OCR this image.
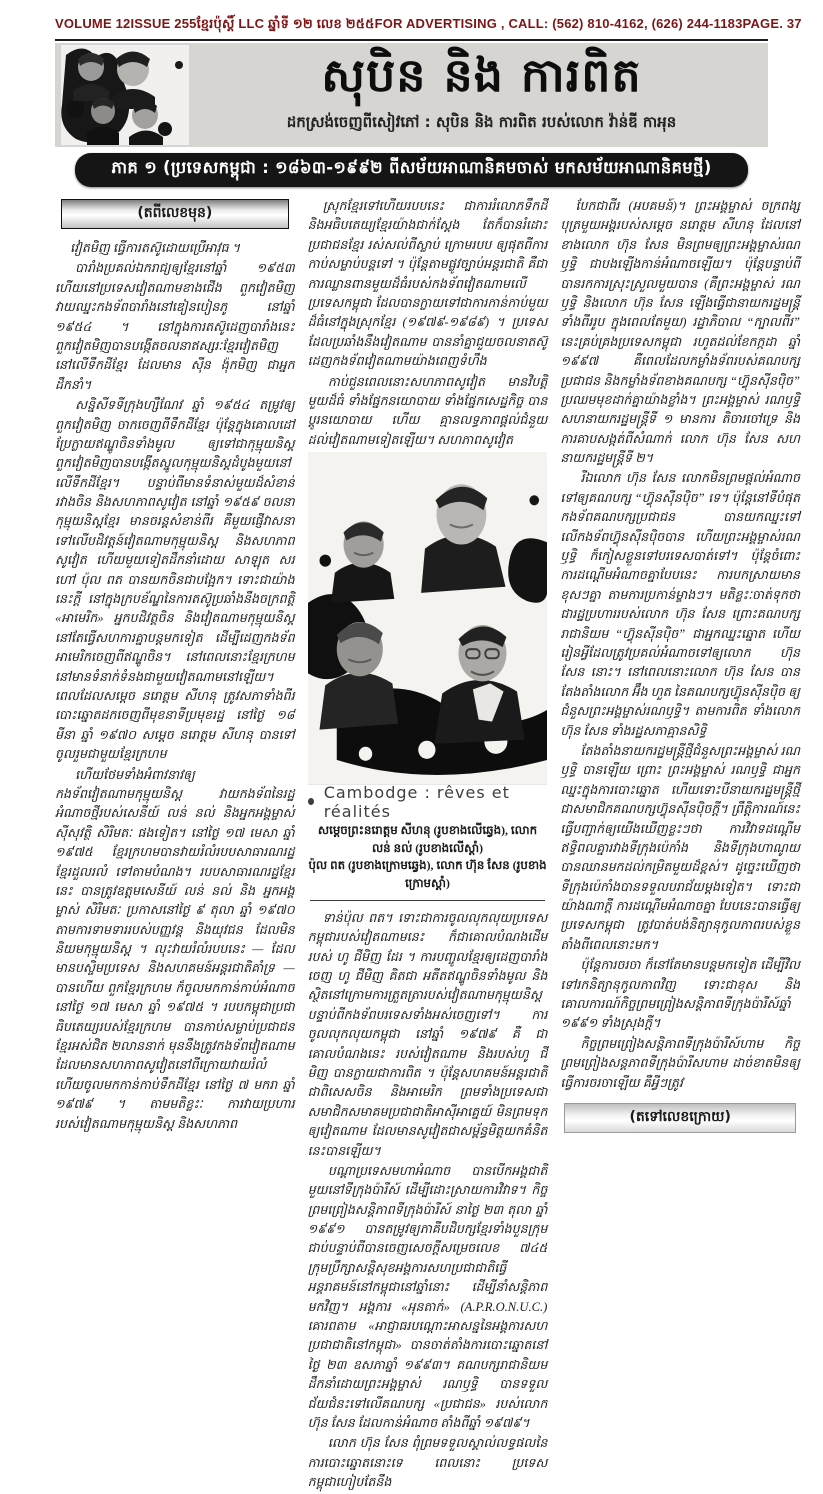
VOLUME 12 ISSUE 255 ខ្មែរប៉ុស្តិ៍ LLC ឆ្នាំទី ១២ លេខ ២៥៥ FOR ADVERTISING , CALL: (562) 810-4162, (626) 244-1183 PAGE. 37
សុបិន និង ការពិត
ដកស្រង់ចេញពីសៀវភៅ : សុបិន និង ការពិត របស់លោក វ៉ាន់ឌី កាអុន
ភាគ ១ (ប្រទេសកម្ពុជា : ១៨៦៣-១៩៩២ ពីសម័យអាណានិគមចាស់ មកសម័យអាណានិគមថ្មី)
(តពីលេខមុន)

វៀតមិញ ធ្វើការតស៊ូដោយប្រើអាវុធ ។

បារាំងប្រគល់ឯករាជ្យឲ្យខ្មែរនៅឆ្នាំ ១៩៥៣ ហើយនៅប្រទេសវៀតណាមខាងជើង ពួកវៀតមិញវាយឈ្នះកងទ័ពបារាំងនៅឌៀនបៀនភូ នៅឆ្នាំ ១៩៥៤ ។ នៅក្នុងការតស៊ូដេញបារាំងនេះ ពួកវៀតមិញបានបង្កើតចលនាឥស្សរៈខ្មែរវៀតមិញ នៅលើទឹកដីខ្មែរ ដែលមាន ស៊ីន ង៉ុកមិញ ជាអ្នកដឹកនាំ។

សន្និសីទទីក្រុងហ្សឺណែវ ឆ្នាំ ១៩៥៤ តម្រូវឲ្យពួកវៀតមិញ ចាកចេញពីទឹកដីខ្មែរ ប៉ុន្តែក្នុងគោលដៅប្រែក្លាយឥណ្ឌូចិនទាំងមូល ឲ្យទៅជាកុម្មុយនិស្ត ពួកវៀតមិញបានបង្កើតស្នូលកុម្មុយនិស្តដំបូងមួយនៅលើទឹកដីខ្មែរ។ បន្ទាប់ពីមានទំនាស់មួយដ៏សំខាន់រវាងចិន និងសហភាពសូវៀត នៅឆ្នាំ ១៩៥៩ ចលនាកុម្មុយនិស្តខ្មែរ មានចរន្តសំខាន់ពីរ គឺមួយផ្ញើវាសនាទៅលើបដិវត្តន៍វៀតណាមកុម្មុយនិស្ត និងសហភាពសូវៀត ហើយមួយទៀតដឹកនាំដោយ សាឡុត សរ ហៅ ប៉ុល ពត បានយកចិនជាបង្អែក។ ទោះជាយ៉ាងនេះក្តី នៅក្នុងក្របខ័ណ្ឌនៃការតស៊ូប្រឆាំងនឹងចក្រពត្តិ «អាមេរិក» អ្នកបដិវត្តចិន និងវៀតណាមកុម្មុយនិស្ត នៅតែធ្វើសហការគ្នាបន្តមកទៀត ដើម្បីដេញកងទ័ពអាមេរិកចេញពីឥណ្ឌូចិន។ នៅពេលនោះខ្មែរក្រហម នៅមានទំនាក់ទំនងជាមួយវៀតណាមនៅឡើយ។ ពេលដែលសម្តេច នរោត្តម សីហនុ ត្រូវសភាទាំងពីរបោះឆ្នោតដកចេញពីមុខនាទីប្រមុខរដ្ឋ នៅថ្ងៃ ១៨ មីនា ឆ្នាំ ១៩៧០ សម្តេច នរោត្តម សីហនុ បានទៅចូលរួមជាមួយខ្មែរក្រហម

ហើយថែមទាំងអំពាវនាវឲ្យកងទ័ពវៀតណាមកុម្មុយនិស្ត វាយកងទ័ពនៃរដ្ឋអំណាចថ្មីរបស់សេនីយ៍ លន់ នល់ និងអ្នកអង្គម្ចាស់ ស៊ីសុវត្ថិ សិរិមតៈ ផងទៀត។ នៅថ្ងៃ ១៧ មេសា ឆ្នាំ ១៩៧៥ ខ្មែរក្រហមបានវាយរំលំរបបសាធារណរដ្ឋខ្មែរដួលរលំ ទៅតាមបំណង។ របបសាធារណរដ្ឋខ្មែរនេះ បានត្រូវឧត្តមសេនីយ៍ លន់ នល់ និង អ្នកអង្គម្ចាស់ សិរិមតៈ ប្រកាសនៅថ្ងៃ ៩ តុលា ឆ្នាំ ១៩៧០ តាមការទាមទាររបស់បញ្ញវន្ត និងយុវជន ដែលមិននិយមកុម្មុយនិស្ត ។ លុះវាយរំលំរបបនេះ — ដែលមានបស្ចិមប្រទេស និងសហគមន៍អន្តរជាតិគាំទ្រ — បានហើយ ពួកខ្មែរក្រហម ក៏ចូលមកកាន់កាប់អំណាចនៅថ្ងៃ ១៧ មេសា ឆ្នាំ ១៩៧៥ ។ របបកម្ពុជាប្រជាធិបតេយ្យរបស់ខ្មែរក្រហម បានកាប់សម្លាប់ប្រជាជនខ្មែរអស់ជិត ២លាននាក់ មុននឹងត្រូវកងទ័ពវៀតណាម ដែលមានសហភាពសូវៀតនៅពីក្រោយវាយរំលំ ហើយចូលមកកាន់កាប់ទឹកដីខ្មែរ នៅថ្ងៃ ៧ មករា ឆ្នាំ ១៩៧៩ ។ តាមមតិខ្លះៈ ការវាយប្រហាររបស់វៀតណាមកុម្មុយនិស្ត និងសហភាព

ស្រុកខ្មែរទៅហើយរបបនេះ ជាការរំលោភទឹកដី និងអធិបតេយ្យខ្មែរយ៉ាងជាក់ស្តែង តែក៏បានរំដោះប្រជាជនខ្មែរ រស់សល់ពីស្លាប់ ក្រោមរបប ឲ្យផុតពីការកាប់សម្លាប់បន្តទៅ ។ ប៉ុន្តែតាមផ្លូវច្បាប់អន្តរជាតិ គឺជាការឈ្លានពានមួយដ៏ធំរបស់កងទ័ពវៀតណាមលើប្រទេសកម្ពុជា ដែលបានក្លាយទៅជាការកាន់កាប់មួយ ដ៏ធំនៅក្នុងស្រុកខ្មែរ (១៩៧៩-១៩៨៩) ។ ប្រទេសដែលប្រឆាំងនឹងវៀតណាម បាននាំគ្នាជួយចលនាតស៊ូ ដេញកងទ័ពវៀតណាមយ៉ាងពេញទំហឹង

កាប់ជួនពេលនោះសហភាពសូវៀត មានវិបត្តិមួយដ៏ធំ ទាំងផ្នែកនយោបាយ ទាំងផ្នែកសេដ្ឋកិច្ច បានប្តូរនយោបាយ ហើយ គ្មានលទ្ធភាពផ្គល់ជំនួយដល់វៀតណាមទៀតឡើយ។ សហភាពសូវៀត

Cambodge : rêves et réalités
សម្តេចព្រះនរោត្តម សីហនុ (រូបខាងលើឆ្វេង), លោក លន់ នល់ (រូបខាងលើស្តាំ)
ប៉ុល ពត (រូបខាងក្រោមឆ្វេង), លោក ហ៊ុន សែន (រូបខាងក្រោមស្តាំ)

ទាន់ប៉ុល ពត។ ទោះជាការចូលលុកលុយប្រទេសកម្ពុជារបស់វៀតណាមនេះ ក៏ជាគោលបំណងដើមរបស់ ហូ ជីមិញ ដែរ ។ ការបញ្ចូលខ្មែរឲ្យដេញបារាំងចេញ ហូ ជីមិញ គិតជា អតីតឥណ្ឌូចិនទាំងមូល និងស្ថិតនៅក្រោមការត្រួតត្រារបស់វៀតណាមកុម្មុយនិស្ត បន្ទាប់ពីកងទ័ពបរទេសទាំងអស់ចេញទៅ។ ការចូលលុកលុយកម្ពុជា នៅឆ្នាំ ១៩៧៩ គឺ ជា គោលបំណងនេះ របស់វៀតណាម និងរបស់ហូ ជី មិញ បានក្លាយជាការពិត ។ ប៉ុន្តែសហគមន៍អន្តរជាតិ ជាពិសេសចិន និងអាមេរិក ព្រមទាំងប្រទេសជាសមាជិកសមាគមប្រជាជាតិអាស៊ីអាគ្នេយ៍ មិនព្រមទុកឲ្យវៀតណាម ដែលមានសូវៀតជាសម្ព័ន្ធមិត្តយកគំនិតនេះបានឡើយ។

បណ្តាប្រទេសមហាអំណាច បានបើកអង្គជាតិមួយនៅទីក្រុងប៉ារីស៍ ដើម្បីដោះស្រាយការវិវាទ។ កិច្ចព្រមព្រៀងសន្តិភាពទីក្រុងប៉ារីស៍ នាថ្ងៃ ២៣ តុលា ឆ្នាំ ១៩៩១ បានតម្រូវឲ្យភាគីបដិបក្សខ្មែរទាំងបួនក្រុម ជាប់បន្ទាប់ពីបានចេញសេចក្តីសម្រេចលេខ ៧៤៥ ក្រុមប្រឹក្សាសន្តិសុខអង្គការសហប្រជាជាតិធ្វើអន្តរាគមន៍នៅកម្ពុជានៅឆ្នាំនោះ ដើម្បីនាំសន្តិភាពមកវិញ។ អង្គការ «អុនតាក់» (A.P.R.O.N.U.C.) គោរពតាម «អាជ្ញាធរបណ្តោះអាសន្ននៃអង្គការសហប្រជាជាតិនៅកម្ពុជា» បានចាត់តាំងការបោះឆ្នោតនៅថ្ងៃ ២៣ ឧសភាឆ្នាំ ១៩៩៣។ គណបក្សរាជានិយមដឹកនាំដោយព្រះអង្គម្ចាស់ រណឫទ្ធិ បានទទួលជ័យជំនះទៅលើគណបក្ស «ប្រជាជន» របស់លោក ហ៊ុន សែន ដែលកាន់អំណាច តាំងពីឆ្នាំ ១៩៧៩។

លោក ហ៊ុន សែន ពុំព្រមទទួលស្គាល់លទ្ធផលនៃការបោះឆ្នោតនោះទេ ពេលនោះ ប្រទេសកម្ពុជាហៀបតែនឹង

បែកជាពីរ (អបគមន៍)។ ព្រះអង្គម្ចាស់ ចក្រពង្ស បុត្រមួយអង្គរបស់សម្តេច នរោត្តម សីហនុ ដែលនៅខាងលោក ហ៊ុន សែន មិនព្រមឲ្យព្រះអង្គម្ចាស់រណឫទ្ធិ ជាបងឡើងកាន់អំណាចឡើយ។ ប៉ុន្តែបន្ទាប់ពីបានរកការស្រុះស្រួលមួយបាន (គឺព្រះអង្គម្ចាស់ រណឫទ្ធិ និងលោក ហ៊ុន សែន ឡើងធ្វើជានាយករដ្ឋមន្ត្រីទាំងពីររូប ក្នុងពេលតែមួយ) រដ្ឋាភិបាល “ក្បាលពីរ” នេះគ្រប់គ្រងប្រទេសកម្ពុជា រហូតដល់ខែកក្កដា ឆ្នាំ ១៩៩៧ គឺពេលដែលកម្លាំងទ័ពរបស់គណបក្សប្រជាជន និងកម្លាំងទ័ពខាងគណបក្ស “ហ៊្វុនស៊ីនប៉ិច” ប្រឈមមុខដាក់គ្នាយ៉ាងខ្លាំង។ ព្រះអង្គម្ចាស់ រណឫទ្ធិ សហនាយករដ្ឋមន្ត្រីទី ១ មានការ តិចារចៅទ្រេ និងការគាបសង្កត់ពីសំណាក់ លោក ហ៊ុន សែន សហនាយករដ្ឋមន្ត្រីទី ២។

រីឯលោក ហ៊ុន សែន លោកមិនព្រមផ្តល់អំណាចទៅឲ្យគណបក្ស “ហ៊្វុនស៊ីនប៉ិច” ទេ។ ប៉ុន្តែនៅទីបំផុតកងទ័ពគណបក្សប្រជាជន បានយកឈ្នះទៅលើកងទ័ពហ៊្វុនស៊ីនប៉ិចបាន ហើយព្រះអង្គម្ចាស់រណឫទ្ធិ ក៏កៀសខ្លួនទៅបរទេសបាត់ទៅ។ ប៉ុន្តែចំពោះការដណ្តើមអំណាចគ្នាបែបនេះ ការបកស្រាយមានខុសៗគ្នា តាមការប្រកាន់ម្ខាងៗ។ មតិខ្លះៈចាត់ទុកថា ជារដ្ឋប្រហាររបស់លោក ហ៊ុន សែន ព្រោះគណបក្សរាជានិយម “ហ៊្វុនស៊ីនប៉ិច” ជាអ្នកឈ្នះឆ្នោត ហើយរៀនអ្វីដែលត្រូវប្រគល់អំណាចទៅឲ្យលោក ហ៊ុន សែន នោះ។ នៅពេលនោះលោក ហ៊ុន សែន បានតែងតាំងលោក អ៊ឹង ហួត នៃគណបក្សហ៊្វុនស៊ីនប៉ិច ឲ្យជំនួសព្រះអង្គម្ចាស់រណឫទ្ធិ។ តាមការពិត ទាំងលោក ហ៊ុន សែន ទាំងរដ្ឋសភាគ្មានសិទ្ធិ

តែងតាំងនាយករដ្ឋមន្ត្រីថ្មីជំនួសព្រះអង្គម្ចាស់ រណឫទ្ធិ បានឡើយ ព្រោះ ព្រះអង្គម្ចាស់ រណឫទ្ធិ ជាអ្នកឈ្នះក្នុងការបោះឆ្នោត ហើយទោះបីនាយករដ្ឋមន្ត្រីថ្មី ជាសមាជិកគណបក្សហ៊្វុនស៊ីនប៉ិចក្តី។ ព្រឹត្តិការណ៍នេះធ្វើបញ្ជាក់ឲ្យយើងឃើញខ្លះៗថា ការវិវាទដណ្តើមឥទ្ធិពលគ្នារវាងទីក្រុងប៉េកាំង និងទីក្រុងហាណូយ បានឈានមកដល់កម្រិតមួយដ៏ខ្ពស់។ ដូច្នេះឃើញថា ទីក្រុងប៉េកាំងបានទទួលបរាជ័យម្តងទៀត។ ទោះជាយ៉ាងណាក្តី ការដណ្តើមអំណាចគ្នា បែបនេះបានធ្វើឲ្យប្រទេសកម្ពុជា ត្រូវបាត់បង់និត្យានុកូលភាពរបស់ខ្លួនតាំងពីពេលនោះមក។

ប៉ុន្តែការចរចា ក៏នៅតែមានបន្តមកទៀត ដើម្បីវិលទៅរកនិត្យានុកូលភាពវិញ ទោះជាខុស និងគោលការណ៍កិច្ចព្រមព្រៀងសន្តិភាពទីក្រុងប៉ារីស៍ឆ្នាំ ១៩៩១ ទាំងស្រុងក្តី។

កិច្ចព្រមព្រៀងសន្តិភាពទីក្រុងប៉ារីស៍ហាម កិច្ចព្រមព្រៀងសន្តភាពទីក្រុងប៉ារីសហាម ដាច់ខាតមិនឲ្យធ្វើការចរចាឡើយ គឺអ្វីៗត្រូវ

(តទៅលេខក្រោយ)
